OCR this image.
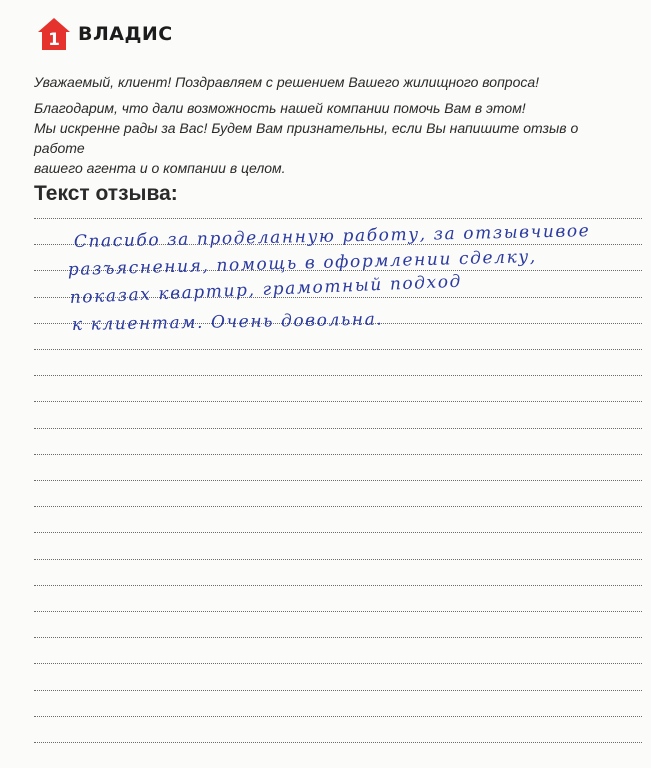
1 ВЛАДИС

Уважаемый, клиент! Поздравляем с решением Вашего жилищного вопроса!

Благодарим, что дали возможность нашей компании помочь Вам в этом!

Мы искренне рады за Вас! Будем Вам признательны, если Вы напишите отзыв о работе

вашего агента и о компании в целом.

Текст отзыва:
Спасибо за проделанную работу, за отзывчивое
разъяснения, помощь в оформлении сделку,
показах квартир, грамотный подход
к клиентам. Очень довольна.
